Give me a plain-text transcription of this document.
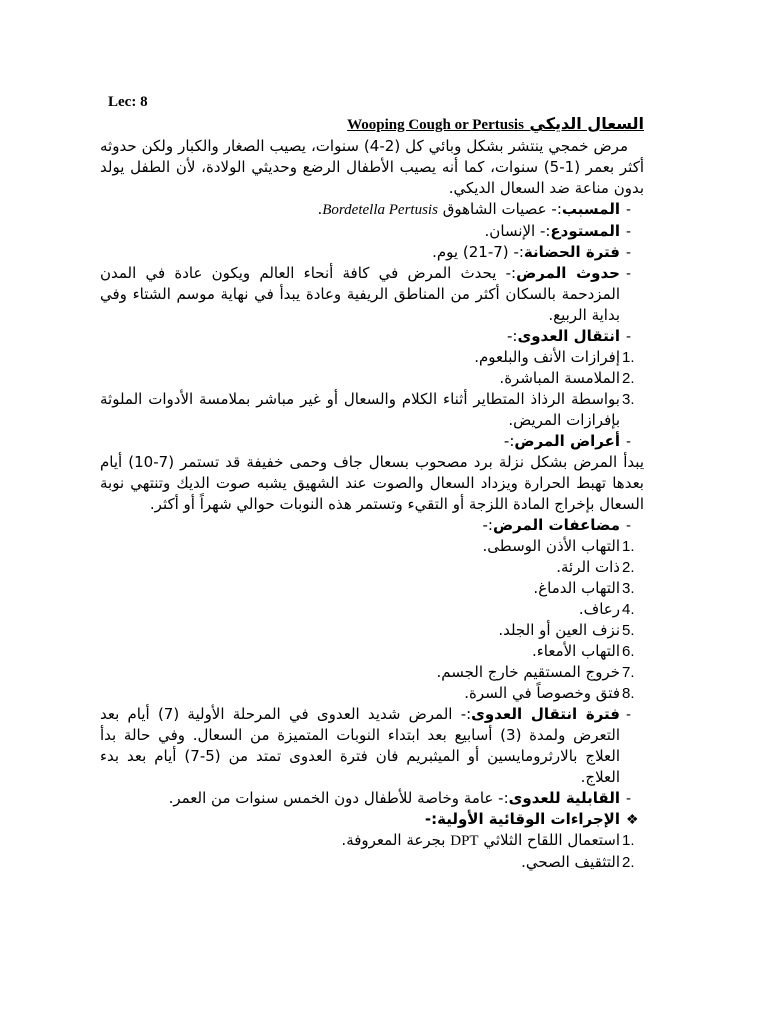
Lec: 8
السعال الديكي Wooping Cough or Pertusis
مرض خمجي ينتشر بشكل وبائي كل (2-4) سنوات، يصيب الصغار والكبار ولكن حدوثه أكثر بعمر (1-5) سنوات، كما أنه يصيب الأطفال الرضع وحديثي الولادة، لأن الطفل يولد بدون مناعة ضد السعال الديكي.
-
المسبب:- عصيات الشاهوق Bordetella Pertusis.
-
المستودع:- الإنسان.
-
فترة الحضانة:- (7-21) يوم.
-
حدوث المرض:- يحدث المرض في كافة أنحاء العالم ويكون عادة في المدن المزدحمة بالسكان أكثر من المناطق الريفية وعادة يبدأ في نهاية موسم الشتاء وفي بداية الربيع.
-
انتقال العدوى:-
1.
إفرازات الأنف والبلعوم.
2.
الملامسة المباشرة.
3.
بواسطة الرذاذ المتطاير أثناء الكلام والسعال أو غير مباشر بملامسة الأدوات الملوثة بإفرازات المريض.
-
أعراض المرض:-
يبدأ المرض بشكل نزلة برد مصحوب بسعال جاف وحمى خفيفة قد تستمر (7-10) أيام بعدها تهبط الحرارة ويزداد السعال والصوت عند الشهيق يشبه صوت الديك وتنتهي نوبة السعال بإخراج المادة اللزجة أو التقيء وتستمر هذه النوبات حوالي شهراً أو أكثر.
-
مضاعفات المرض:-
1.
التهاب الأذن الوسطى.
2.
ذات الرئة.
3.
التهاب الدماغ.
4.
رعاف.
5.
نزف العين أو الجلد.
6.
التهاب الأمعاء.
7.
خروج المستقيم خارج الجسم.
8.
فتق وخصوصاً في السرة.
-
فترة انتقال العدوى:- المرض شديد العدوى في المرحلة الأولية (7) أيام بعد التعرض ولمدة (3) أسابيع بعد ابتداء النوبات المتميزة من السعال. وفي حالة بدأ العلاج بالارثرومايسين أو الميثبريم فان فترة العدوى تمتد من (5-7) أيام بعد بدء العلاج.
-
القابلية للعدوى:- عامة وخاصة للأطفال دون الخمس سنوات من العمر.
❖
الإجراءات الوقائية الأولية:-
1.
استعمال اللقاح الثلاثي DPT بجرعة المعروفة.
2.
التثقيف الصحي.
